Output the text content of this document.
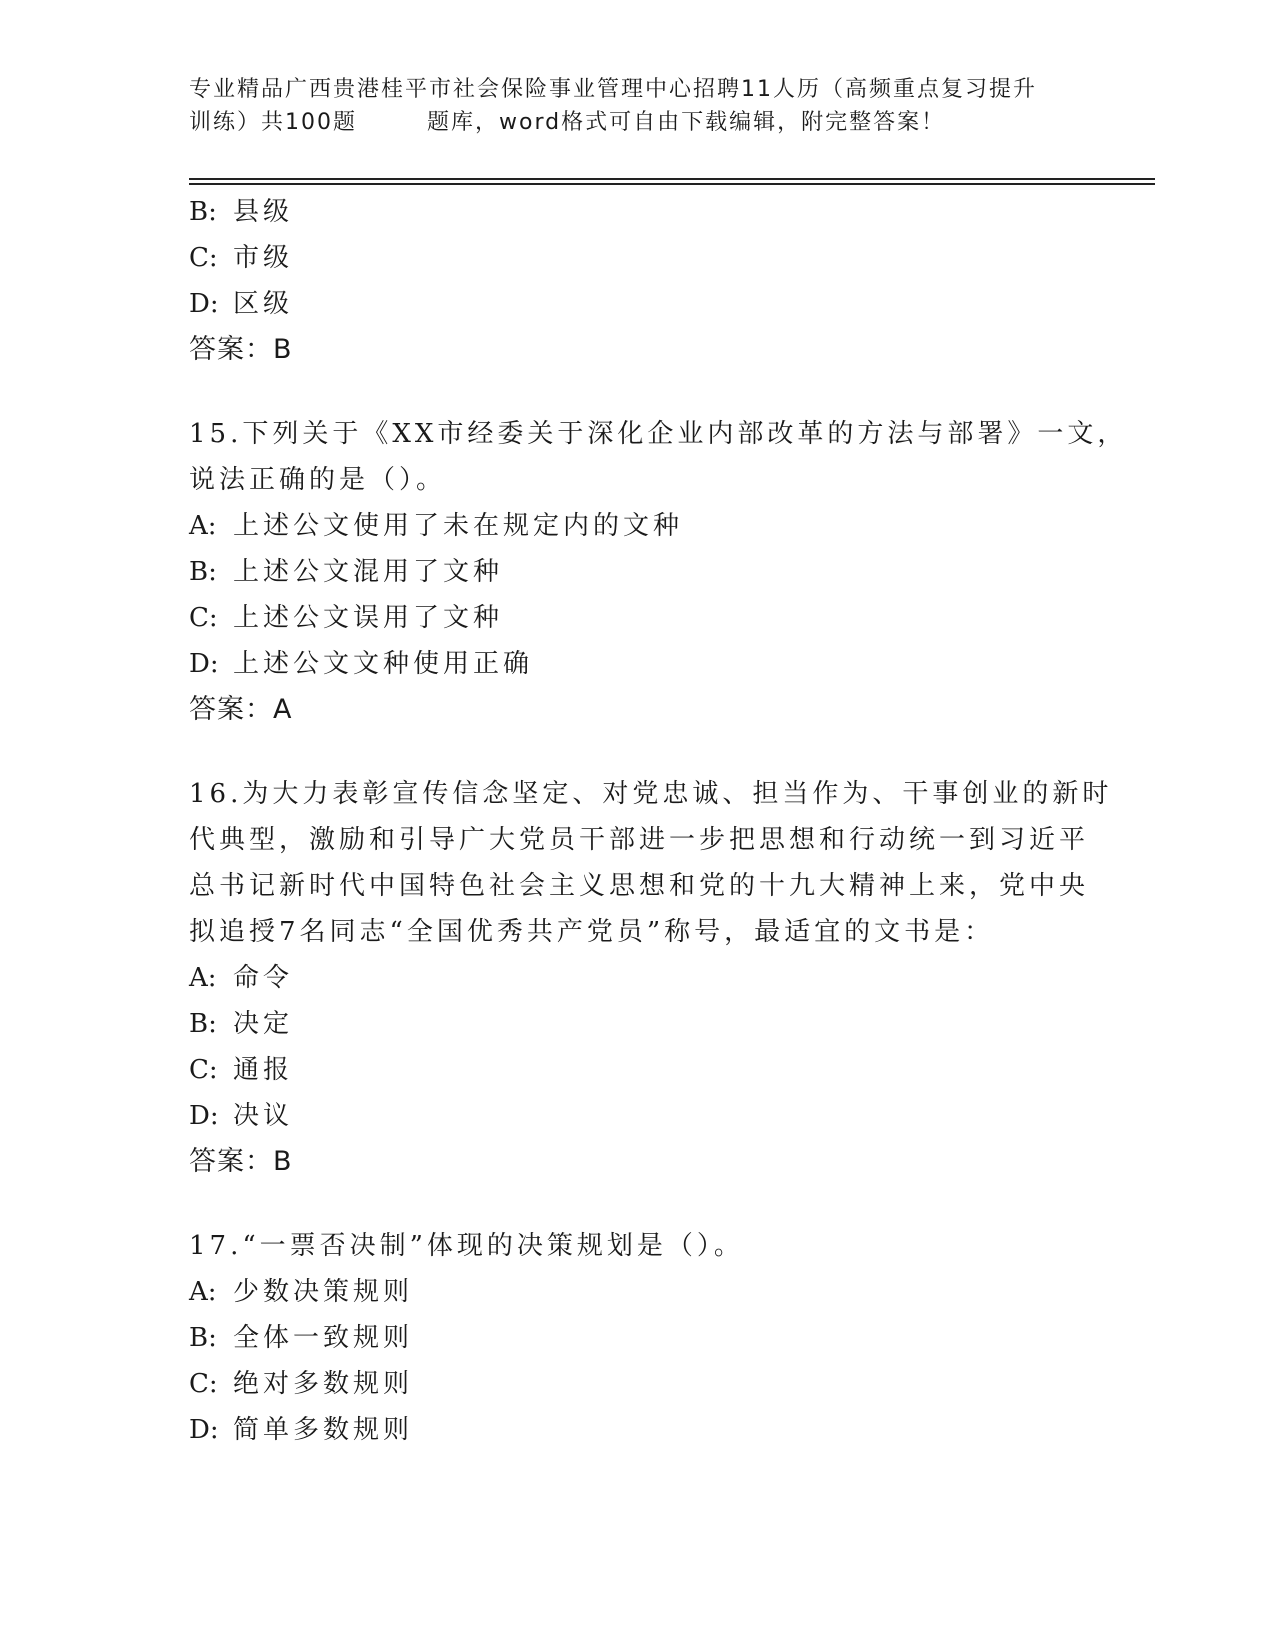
专业精品广西贵港桂平市社会保险事业管理中心招聘11人历（高频重点复习提升
训练）共100题	题库，word格式可自由下载编辑，附完整答案！
B: 县级
C: 市级
D: 区级
答案：B
15.下列关于《XX市经委关于深化企业内部改革的方法与部署》一文，
说法正确的是（）。
A: 上述公文使用了未在规定内的文种
B: 上述公文混用了文种
C: 上述公文误用了文种
D: 上述公文文种使用正确
答案：A
16.为大力表彰宣传信念坚定、对党忠诚、担当作为、干事创业的新时
代典型，激励和引导广大党员干部进一步把思想和行动统一到习近平
总书记新时代中国特色社会主义思想和党的十九大精神上来，党中央
拟追授7名同志“全国优秀共产党员”称号，最适宜的文书是：
A: 命令
B: 决定
C: 通报
D: 决议
答案：B
17.“一票否决制”体现的决策规划是（）。
A: 少数决策规则
B: 全体一致规则
C: 绝对多数规则
D: 简单多数规则
